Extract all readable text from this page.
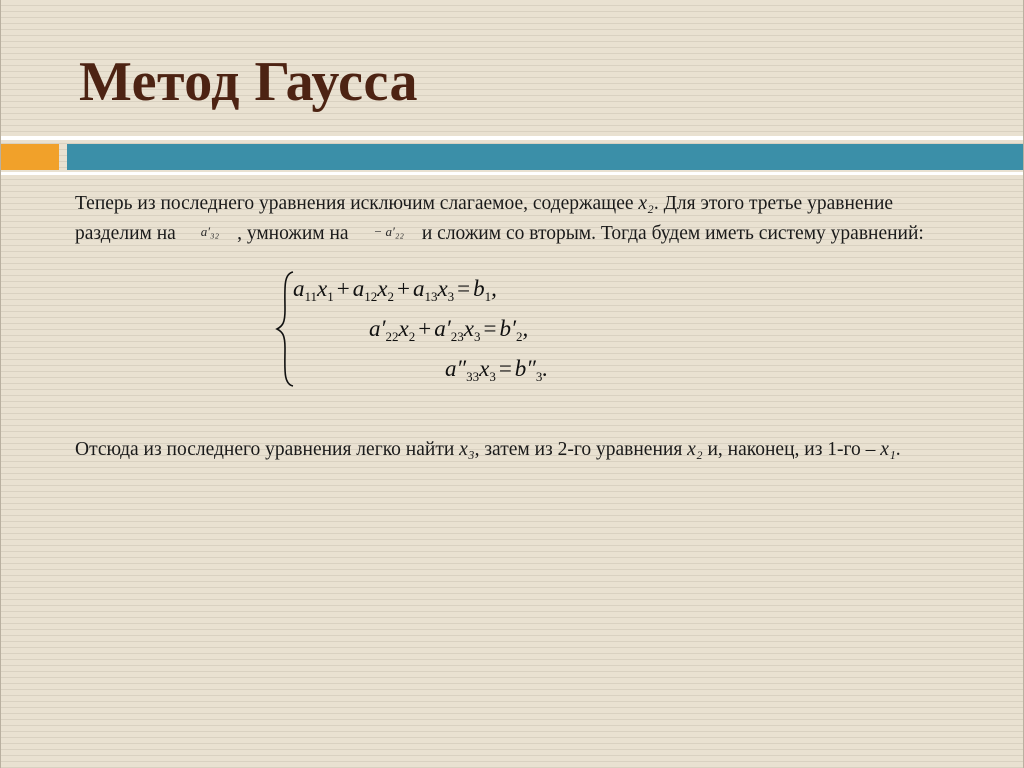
Метод Гаусса
Теперь из последнего уравнения исключим слагаемое, содержащее x₂. Для этого третье уравнение разделим на a′₃₂ , умножим на − a′₂₂ и сложим со вторым. Тогда будем иметь систему уравнений:
$a_{11}x_1 + a_{12}x_2 + a_{13}x_3 = b_1$,
$a'_{22}x_2 + a'_{23}x_3 = b'_2$,
$a''_{33}x_3 = b''_3$.
Отсюда из последнего уравнения легко найти x₃, затем из 2-го уравнения x₂ и, наконец, из 1-го – x₁.
